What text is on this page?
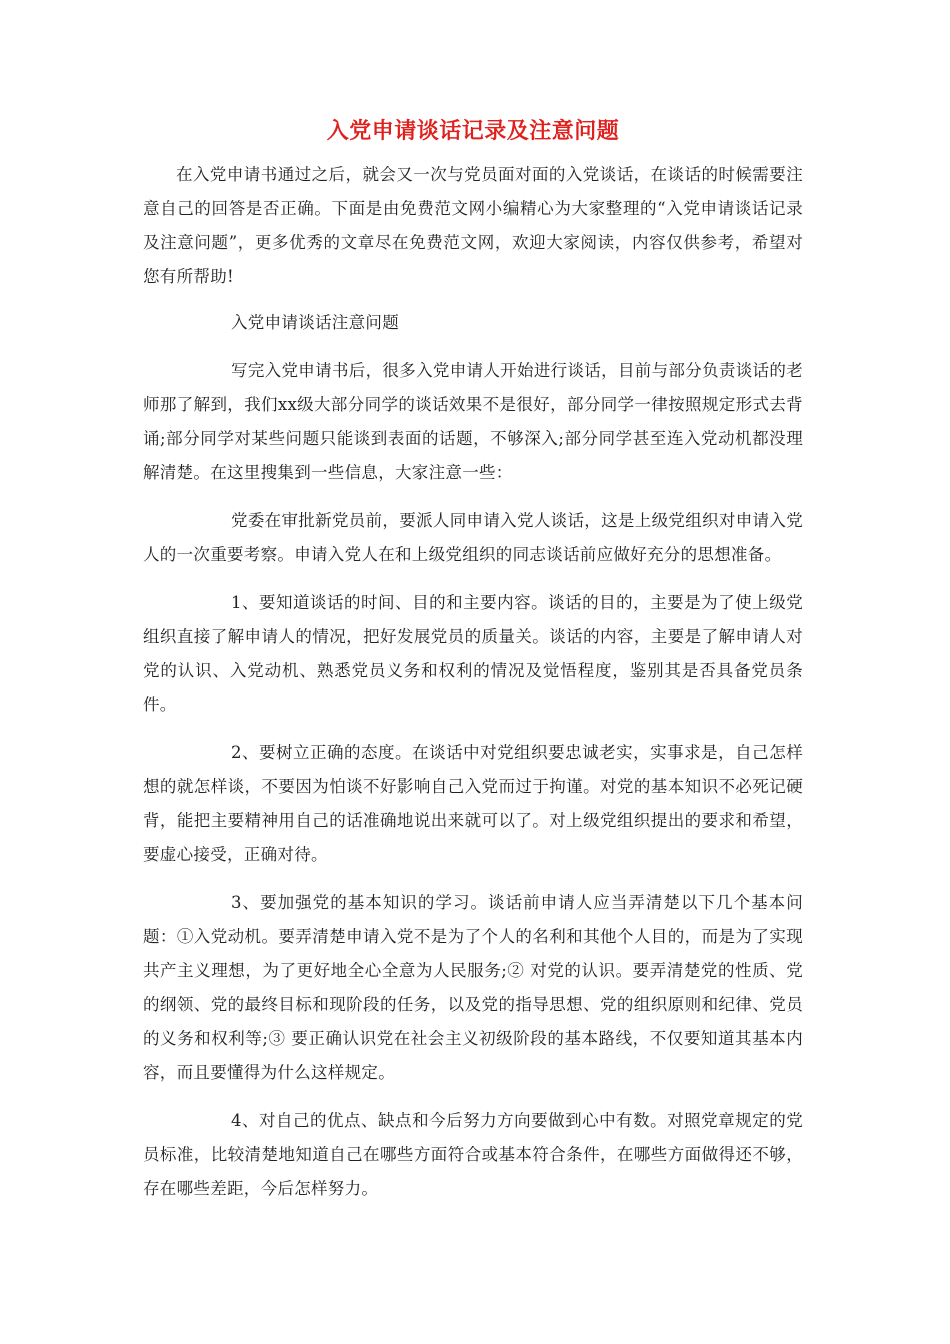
入党申请谈话记录及注意问题

在入党申请书通过之后，就会又一次与党员面对面的入党谈话，在谈话的时候需要注意自己的回答是否正确。下面是由免费范文网小编精心为大家整理的“入党申请谈话记录及注意问题”，更多优秀的文章尽在免费范文网，欢迎大家阅读，内容仅供参考，希望对您有所帮助!

入党申请谈话注意问题

写完入党申请书后，很多入党申请人开始进行谈话，目前与部分负责谈话的老师那了解到，我们xx级大部分同学的谈话效果不是很好，部分同学一律按照规定形式去背诵;部分同学对某些问题只能谈到表面的话题，不够深入;部分同学甚至连入党动机都没理解清楚。在这里搜集到一些信息，大家注意一些：

党委在审批新党员前，要派人同申请入党人谈话，这是上级党组织对申请入党人的一次重要考察。申请入党人在和上级党组织的同志谈话前应做好充分的思想准备。

1、要知道谈话的时间、目的和主要内容。谈话的目的，主要是为了使上级党组织直接了解申请人的情况，把好发展党员的质量关。谈话的内容，主要是了解申请人对党的认识、入党动机、熟悉党员义务和权利的情况及觉悟程度，鉴别其是否具备党员条件。

2、要树立正确的态度。在谈话中对党组织要忠诚老实，实事求是，自己怎样想的就怎样谈，不要因为怕谈不好影响自己入党而过于拘谨。对党的基本知识不必死记硬背，能把主要精神用自己的话准确地说出来就可以了。对上级党组织提出的要求和希望，要虚心接受，正确对待。

3、要加强党的基本知识的学习。谈话前申请人应当弄清楚以下几个基本问题：①入党动机。要弄清楚申请入党不是为了个人的名利和其他个人目的，而是为了实现共产主义理想，为了更好地全心全意为人民服务;② 对党的认识。要弄清楚党的性质、党的纲领、党的最终目标和现阶段的任务，以及党的指导思想、党的组织原则和纪律、党员的义务和权利等;③ 要正确认识党在社会主义初级阶段的基本路线，不仅要知道其基本内容，而且要懂得为什么这样规定。

4、对自己的优点、缺点和今后努力方向要做到心中有数。对照党章规定的党员标准，比较清楚地知道自己在哪些方面符合或基本符合条件，在哪些方面做得还不够，存在哪些差距，今后怎样努力。
